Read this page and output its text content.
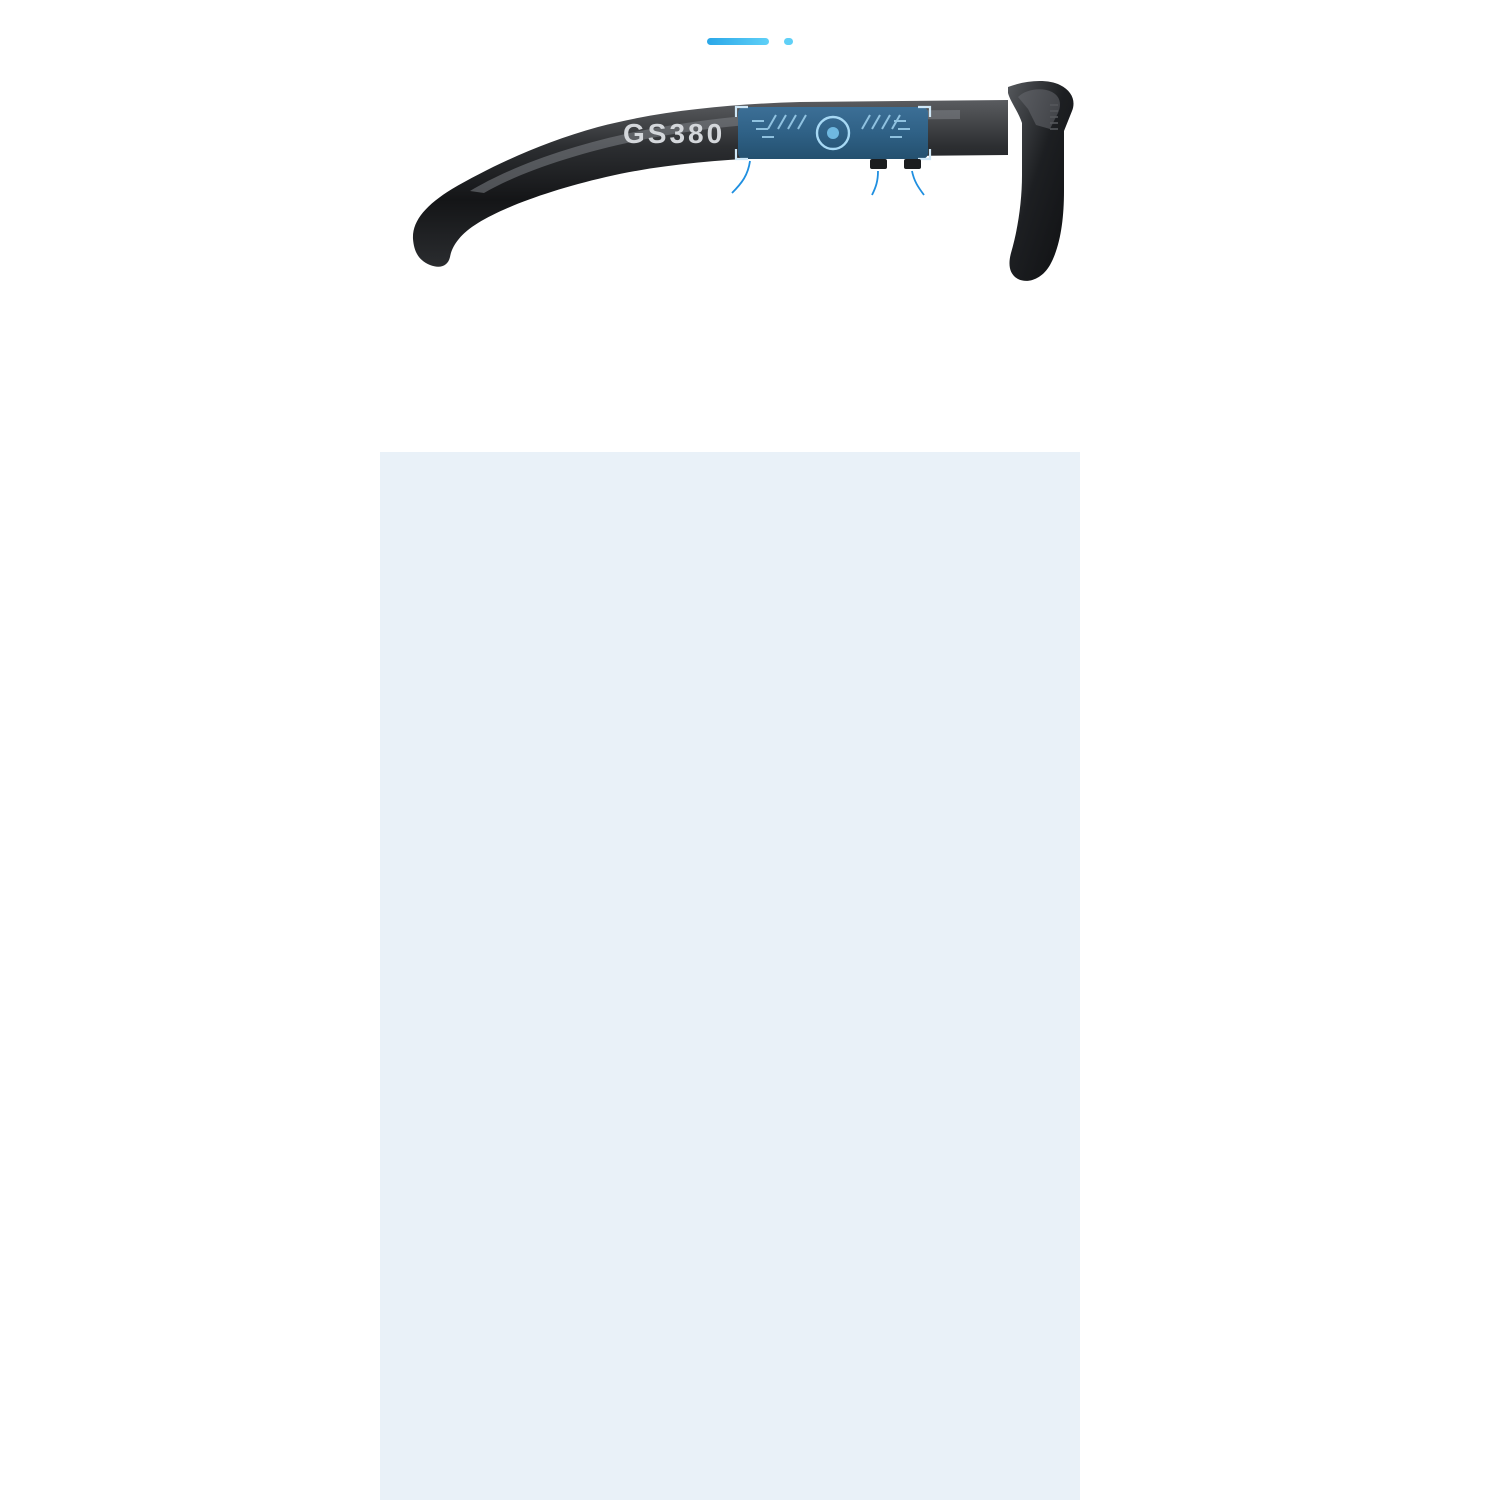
GS380
